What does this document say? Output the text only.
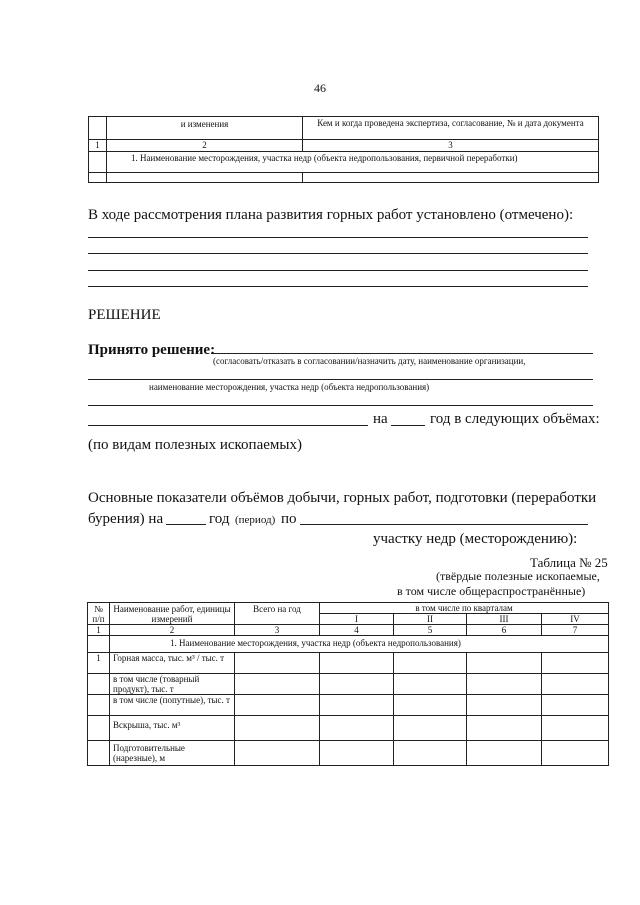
46
	и изменения	Кем и когда проведена экспертиза, согласование, № и дата документа
1	2	3
	1. Наименование месторождения, участка недр (объекта недропользования, первичной переработки)	

В ходе рассмотрения плана развития горных работ установлено (отмечено):
РЕШЕНИЕ
Принято решение:
(согласовать/отказать в согласовании/назначить дату, наименование организации,
наименование месторождения, участка недр (объекта недропользования)
на	год в следующих объёмах:
(по видам полезных ископаемых)
Основные показатели объёмов добычи, горных работ, подготовки (переработки
бурения) на	год (период) по
участку недр (месторождению):
Таблица № 25
(твёрдые полезные ископаемые,
в том числе общераспространённые)
№ п/п	Наименование работ, единицы измерений	Всего на год	в том числе по кварталам			
			I	II	III	IV
1	2	3	4	5	6	7
	1. Наименование месторождения, участка недр (объекта недропользования)					
1	Горная масса, тыс. м³ / тыс. т					
	в том числе (товарный продукт), тыс. т					
	в том числе (попутные), тыс. т					
	Вскрыша, тыс. м³					
	Подготовительные (нарезные), м					
